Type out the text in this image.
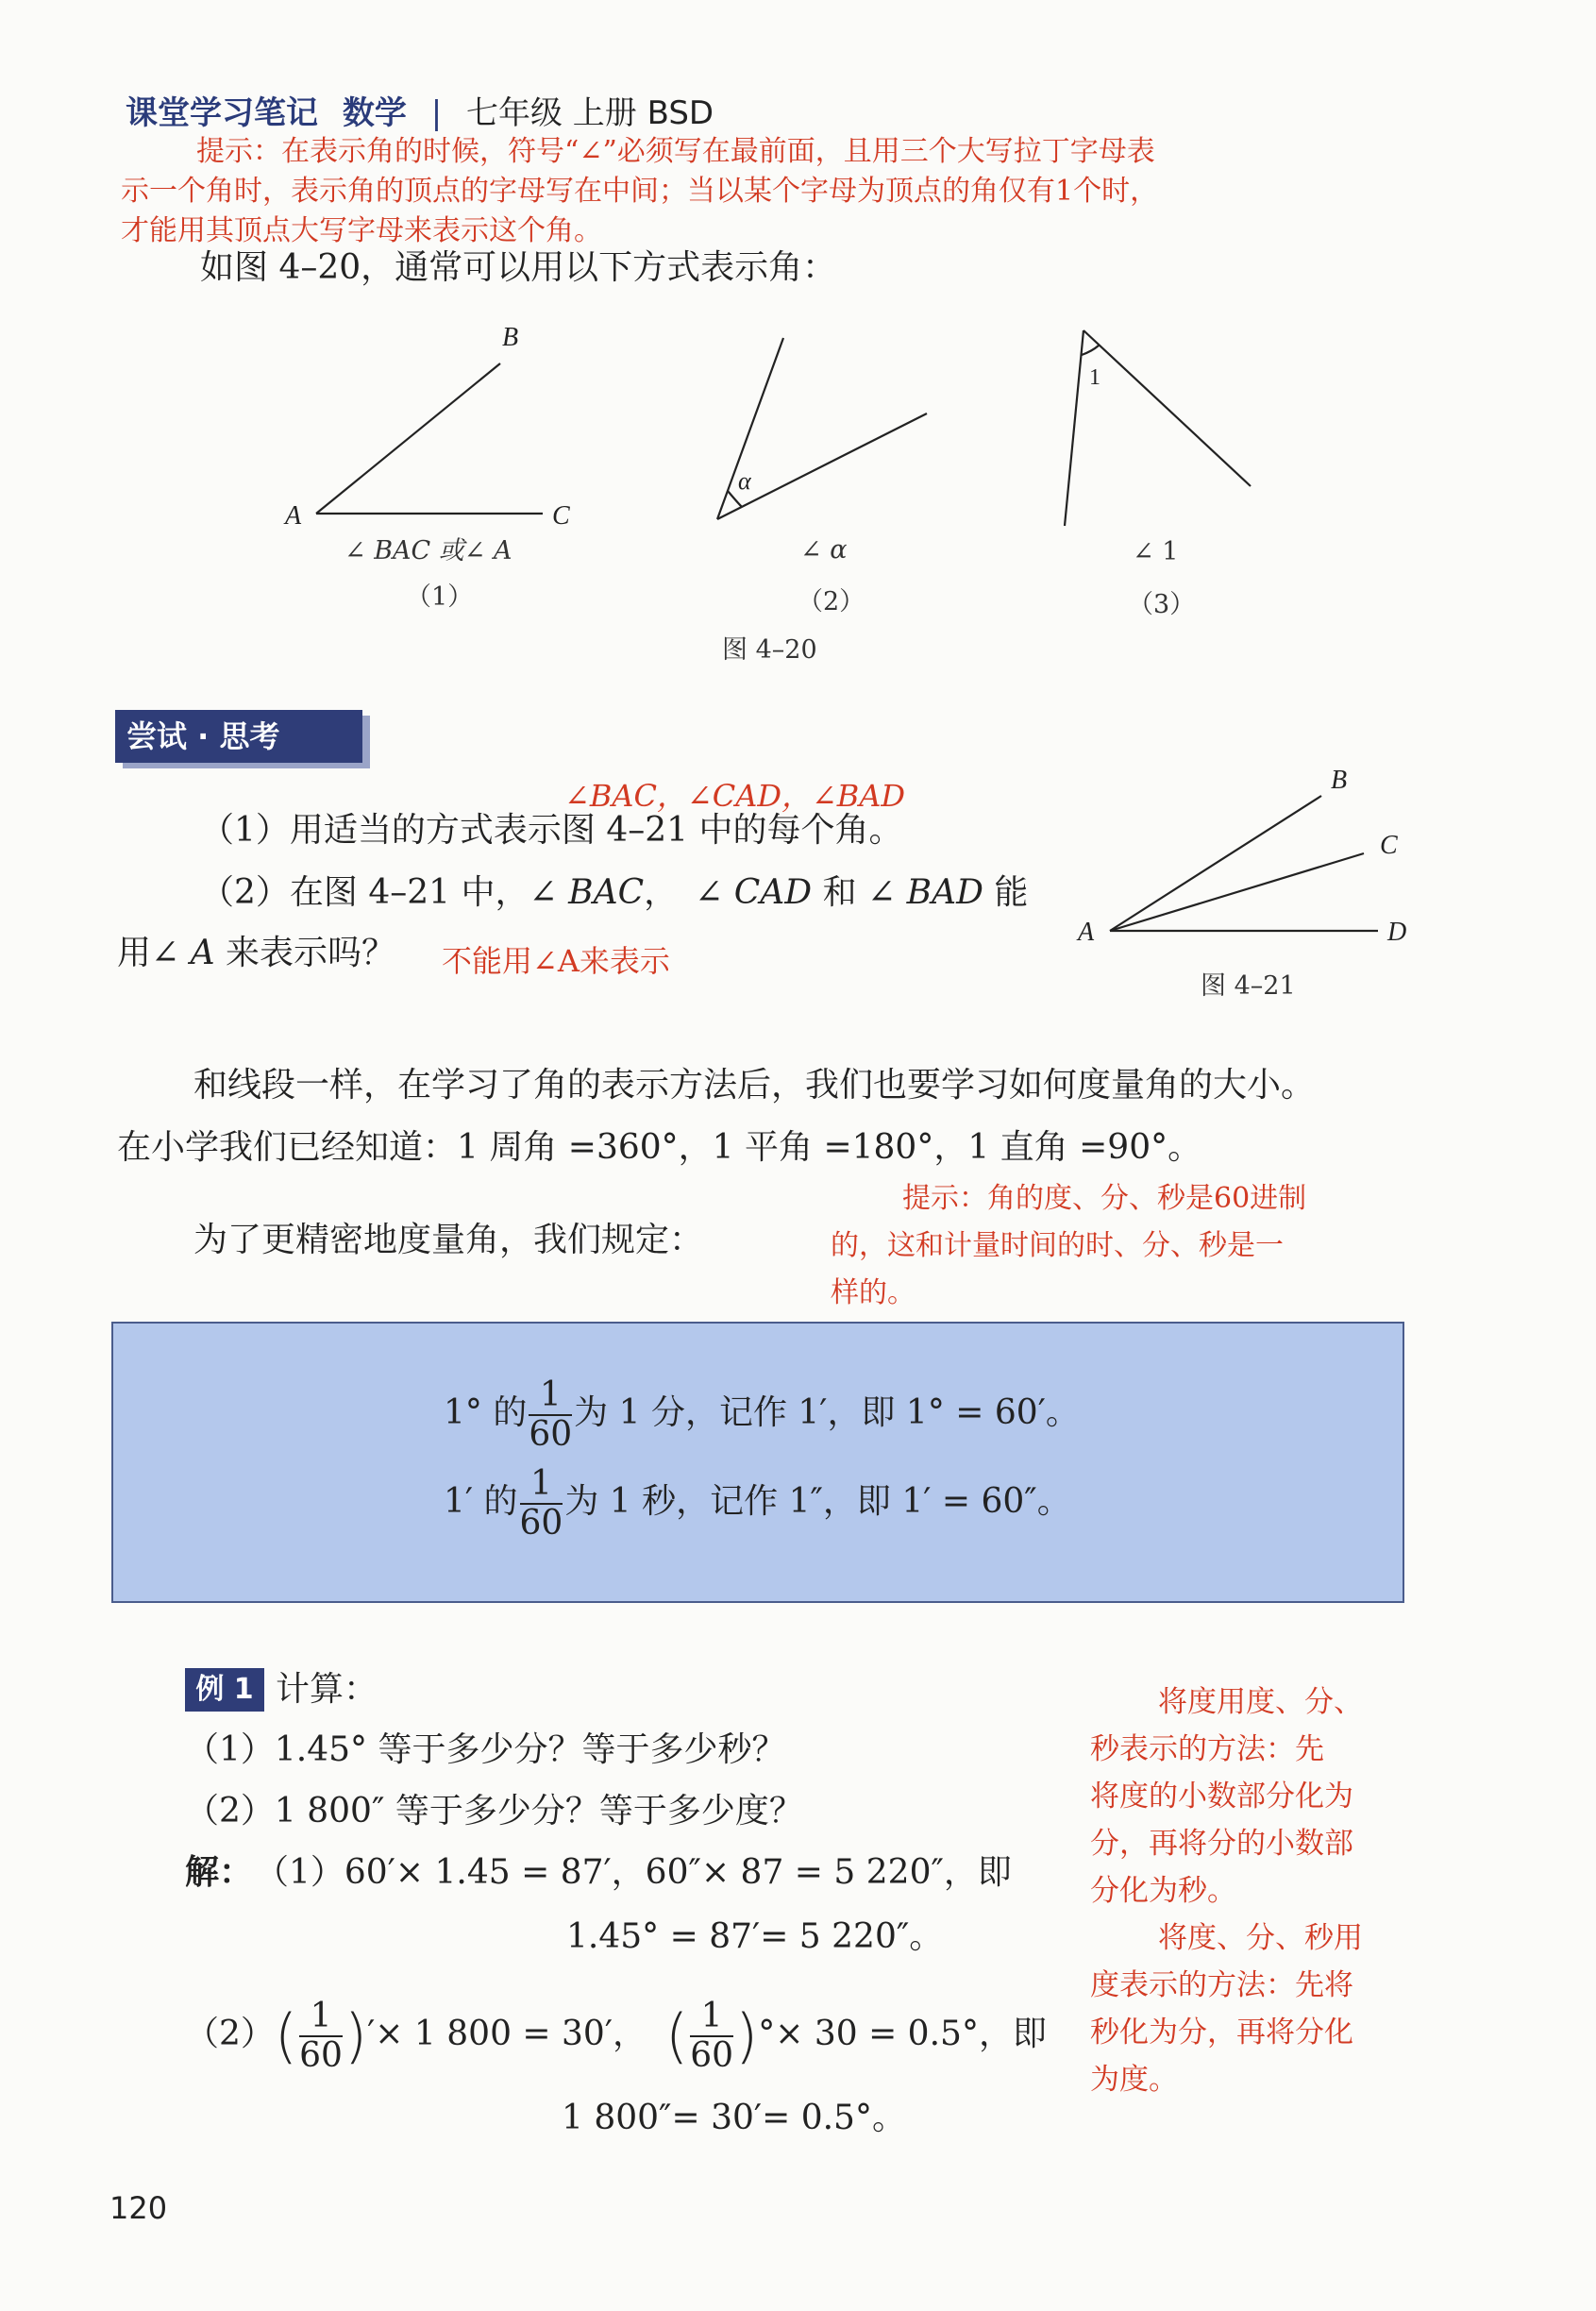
课堂学习笔记 数学 | 七年级 上册 BSD
提示：在表示角的时候，符号“∠”必须写在最前面，且用三个大写拉丁字母表
示一个角时，表示角的顶点的字母写在中间；当以某个字母为顶点的角仅有1个时，
才能用其顶点大写字母来表示这个角。
如图 4–20，通常可以用以下方式表示角：
B
A	C
α
1
∠ BAC 或∠ A
（1）
∠ α
（2）
∠ 1
（3）
图 4–20
尝试 · 思考
∠BAC，∠CAD，∠BAD
（1）用适当的方式表示图 4–21 中的每个角。
（2）在图 4–21 中，∠ BAC， ∠ CAD 和 ∠ BAD 能
用∠ A 来表示吗？ 不能用∠A来表示
B
C
D
A
图 4–21
和线段一样，在学习了角的表示方法后，我们也要学习如何度量角的大小。
在小学我们已经知道：1 周角 =360°，1 平角 =180°，1 直角 =90°。
为了更精密地度量角，我们规定：
提示：角的度、分、秒是60进制
的，这和计量时间的时、分、秒是一
样的。
1° 的 $\frac{1}{60}$ 为 1 分，记作 1′，即 1° = 60′。
1′ 的 $\frac{1}{60}$ 为 1 秒，记作 1″，即 1′ = 60″。
例 1 计算：
（1）1.45° 等于多少分？等于多少秒？
（2）1 800″ 等于多少分？等于多少度？
解： （1）60′× 1.45 = 87′，60″× 87 = 5 220″，即
1.45° = 87′= 5 220″。
$(2)( \frac{1}{60}$ )′× 1 800 = 30′， ( $\frac{1}{60}$ )°× 30 = 0.5°，即
1 800″= 30′= 0.5°。
将度用度、分、
秒表示的方法：先
将度的小数部分化为
分，再将分的小数部
分化为秒。
将度、分、秒用
度表示的方法：先将
秒化为分，再将分化
为度。
120
